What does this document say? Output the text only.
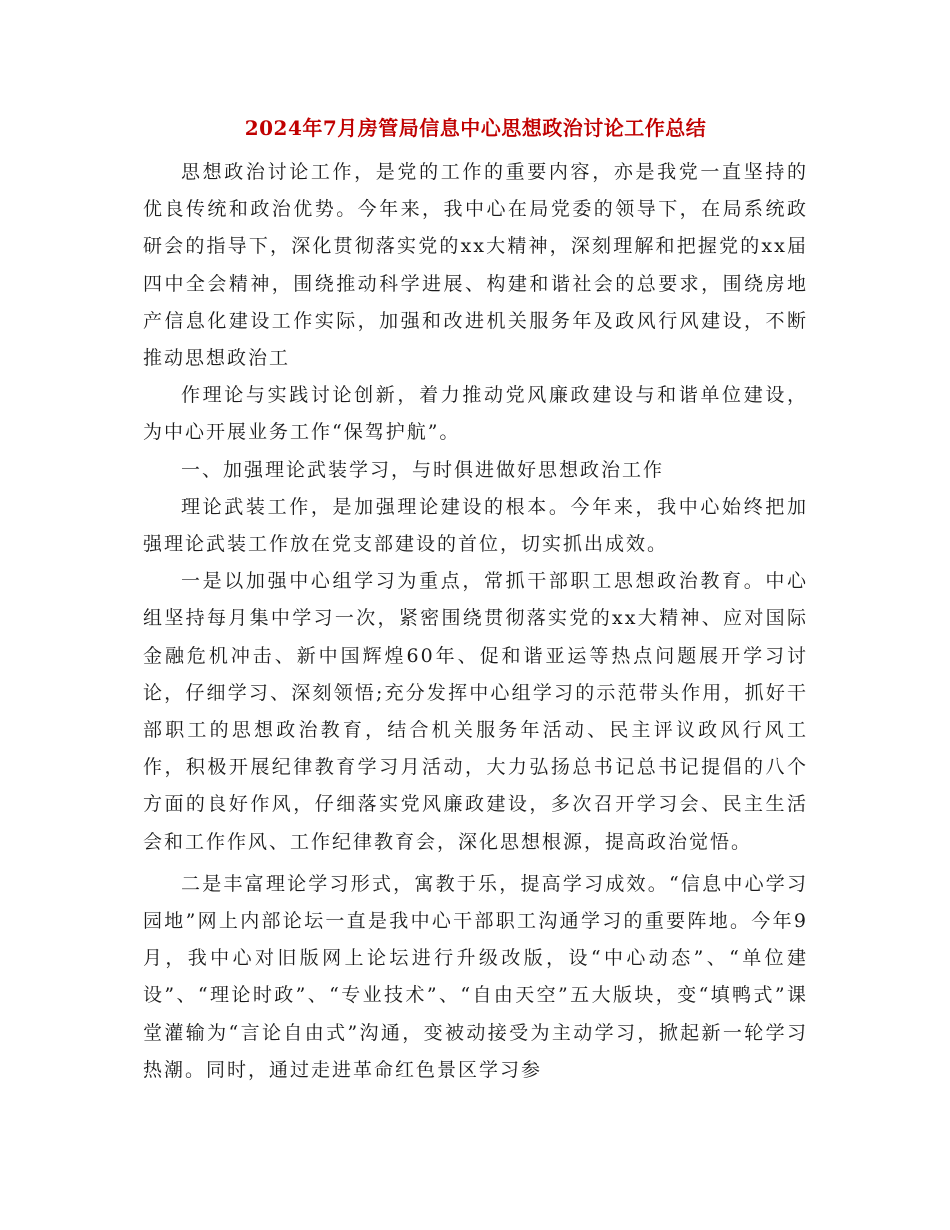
2024年7月房管局信息中心思想政治讨论工作总结

思想政治讨论工作，是党的工作的重要内容，亦是我党一直坚持的优良传统和政治优势。今年来，我中心在局党委的领导下，在局系统政研会的指导下，深化贯彻落实党的xx大精神，深刻理解和把握党的xx届四中全会精神，围绕推动科学进展、构建和谐社会的总要求，围绕房地产信息化建设工作实际，加强和改进机关服务年及政风行风建设，不断推动思想政治工

作理论与实践讨论创新，着力推动党风廉政建设与和谐单位建设，为中心开展业务工作“保驾护航”。

一、加强理论武装学习，与时俱进做好思想政治工作

理论武装工作，是加强理论建设的根本。今年来，我中心始终把加强理论武装工作放在党支部建设的首位，切实抓出成效。

一是以加强中心组学习为重点，常抓干部职工思想政治教育。中心组坚持每月集中学习一次，紧密围绕贯彻落实党的xx大精神、应对国际金融危机冲击、新中国辉煌60年、促和谐亚运等热点问题展开学习讨论，仔细学习、深刻领悟;充分发挥中心组学习的示范带头作用，抓好干部职工的思想政治教育，结合机关服务年活动、民主评议政风行风工作，积极开展纪律教育学习月活动，大力弘扬总书记总书记提倡的八个方面的良好作风，仔细落实党风廉政建设，多次召开学习会、民主生活会和工作作风、工作纪律教育会，深化思想根源，提高政治觉悟。

二是丰富理论学习形式，寓教于乐，提高学习成效。“信息中心学习园地”网上内部论坛一直是我中心干部职工沟通学习的重要阵地。今年9月，我中心对旧版网上论坛进行升级改版，设“中心动态”、“单位建设”、“理论时政”、“专业技术”、“自由天空”五大版块，变“填鸭式”课堂灌输为“言论自由式”沟通，变被动接受为主动学习，掀起新一轮学习热潮。同时，通过走进革命红色景区学习参
